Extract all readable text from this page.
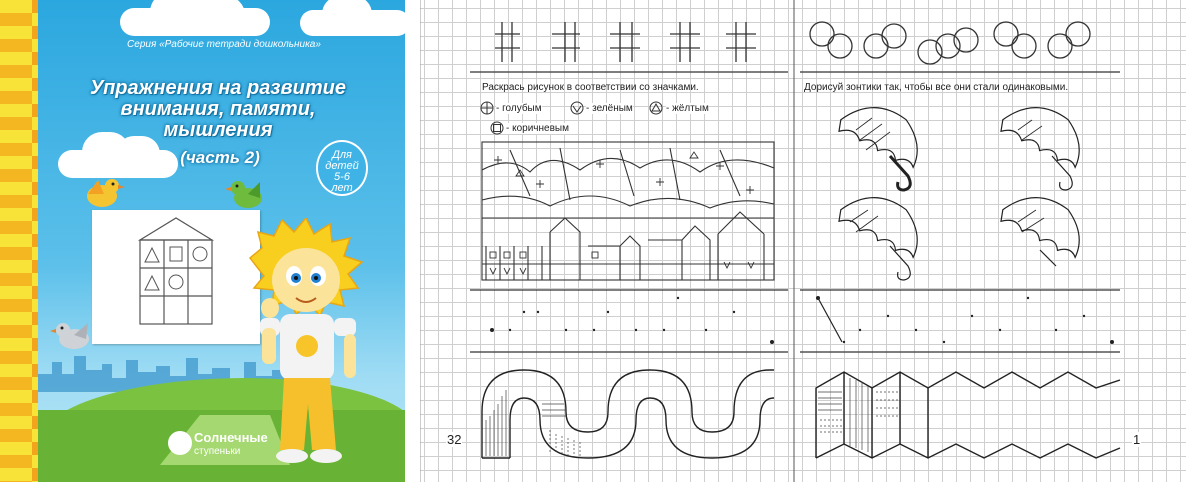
Серия «Рабочие тетради дошкольника»
Упражнения на развитие
внимания, памяти,
мышления
(часть 2)	Для
детей
5-6
лет
Солнечные
ступеньки
Раскрась рисунок в соответствии со значками.
- голубым	- зелёным	- жёлтым
- коричневым
Дорисуй зонтики так, чтобы все они стали одинаковыми.
32	1
